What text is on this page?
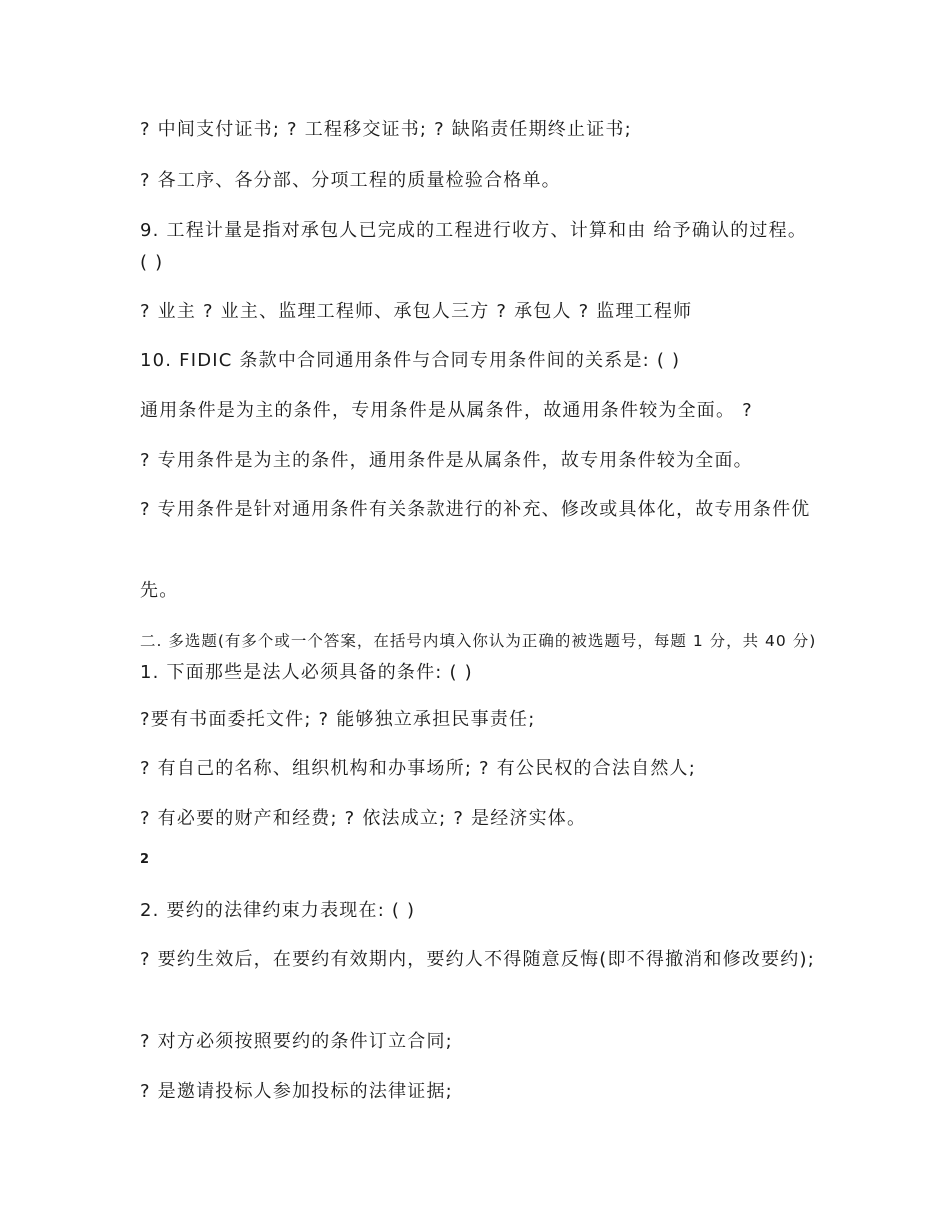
? 中间支付证书; ? 工程移交证书; ? 缺陷责任期终止证书;
? 各工序、各分部、分项工程的质量检验合格单。
9. 工程计量是指对承包人已完成的工程进行收方、计算和由 给予确认的过程。 ( )
? 业主 ? 业主、监理工程师、承包人三方 ? 承包人 ? 监理工程师
10. FIDIC 条款中合同通用条件与合同专用条件间的关系是: ( )
通用条件是为主的条件，专用条件是从属条件，故通用条件较为全面。 ?
? 专用条件是为主的条件，通用条件是从属条件，故专用条件较为全面。
? 专用条件是针对通用条件有关条款进行的补充、修改或具体化，故专用条件优
先。
二. 多选题(有多个或一个答案，在括号内填入你认为正确的被选题号，每题 1 分，共 40 分) 1. 下面那些是法人必须具备的条件: ( )
?要有书面委托文件; ? 能够独立承担民事责任;
? 有自己的名称、组织机构和办事场所; ? 有公民权的合法自然人;
? 有必要的财产和经费; ? 依法成立; ? 是经济实体。
2
2. 要约的法律约束力表现在: ( )
? 要约生效后，在要约有效期内，要约人不得随意反悔(即不得撤消和修改要约);
? 对方必须按照要约的条件订立合同;
? 是邀请投标人参加投标的法律证据;
